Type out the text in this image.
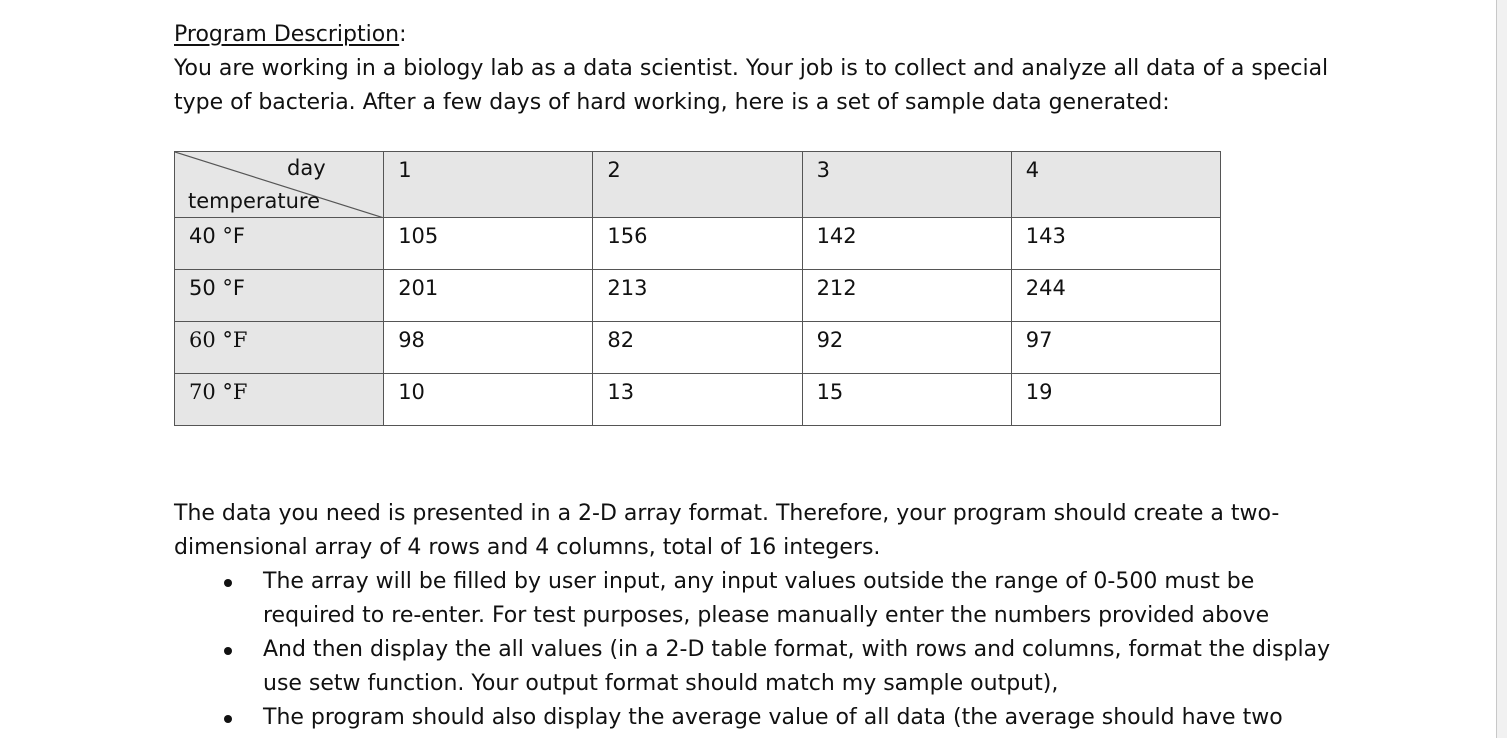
Program Description:

You are working in a biology lab as a data scientist. Your job is to collect and analyze all data of a special

type of bacteria. After a few days of hard working, here is a set of sample data generated:

day
temperature	1	2	3	4
40 °F	105	156	142	143
50 °F	201	213	212	244
60 °F	98	82	92	97
70 °F	10	13	15	19

The data you need is presented in a 2-D array format. Therefore, your program should create a two-

dimensional array of 4 rows and 4 columns, total of 16 integers.

The array will be filled by user input, any input values outside the range of 0-500 must be
required to re-enter. For test purposes, please manually enter the numbers provided above
And then display the all values (in a 2-D table format, with rows and columns, format the display
use setw function. Your output format should match my sample output),
The program should also display the average value of all data (the average should have two
